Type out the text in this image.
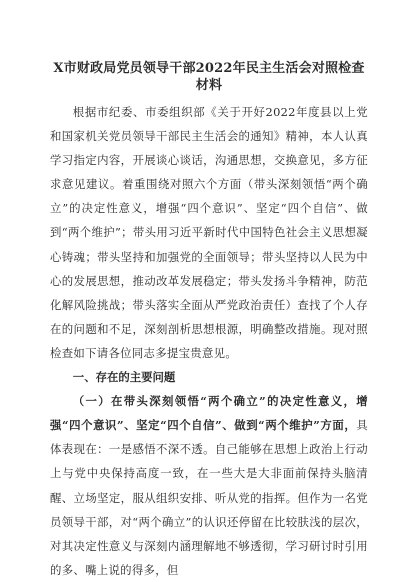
X市财政局党员领导干部2022年民主生活会对照检查材料

根据市纪委、市委组织部《关于开好2022年度县以上党和国家机关党员领导干部民主生活会的通知》精神，本人认真学习指定内容，开展谈心谈话，沟通思想，交换意见，多方征求意见建议。着重围绕对照六个方面（带头深刻领悟“两个确立”的决定性意义，增强“四个意识”、坚定“四个自信”、做到“两个维护”；带头用习近平新时代中国特色社会主义思想凝心铸魂；带头坚持和加强党的全面领导；带头坚持以人民为中心的发展思想，推动改革发展稳定；带头发扬斗争精神，防范化解风险挑战；带头落实全面从严党政治责任）查找了个人存在的问题和不足，深刻剖析思想根源，明确整改措施。现对照检查如下请各位同志多提宝贵意见。

一、存在的主要问题

（一）在带头深刻领悟“两个确立”的决定性意义，增强“四个意识”、坚定“四个自信”、做到“两个维护”方面，具体表现在：一是感悟不深不透。自己能够在思想上政治上行动上与党中央保持高度一致，在一些大是大非面前保持头脑清醒、立场坚定，服从组织安排、听从党的指挥。但作为一名党员领导干部，对“两个确立”的认识还停留在比较肤浅的层次，对其决定性意义与深刻内涵理解地不够透彻，学习研讨时引用的多、嘴上说的得多，但
